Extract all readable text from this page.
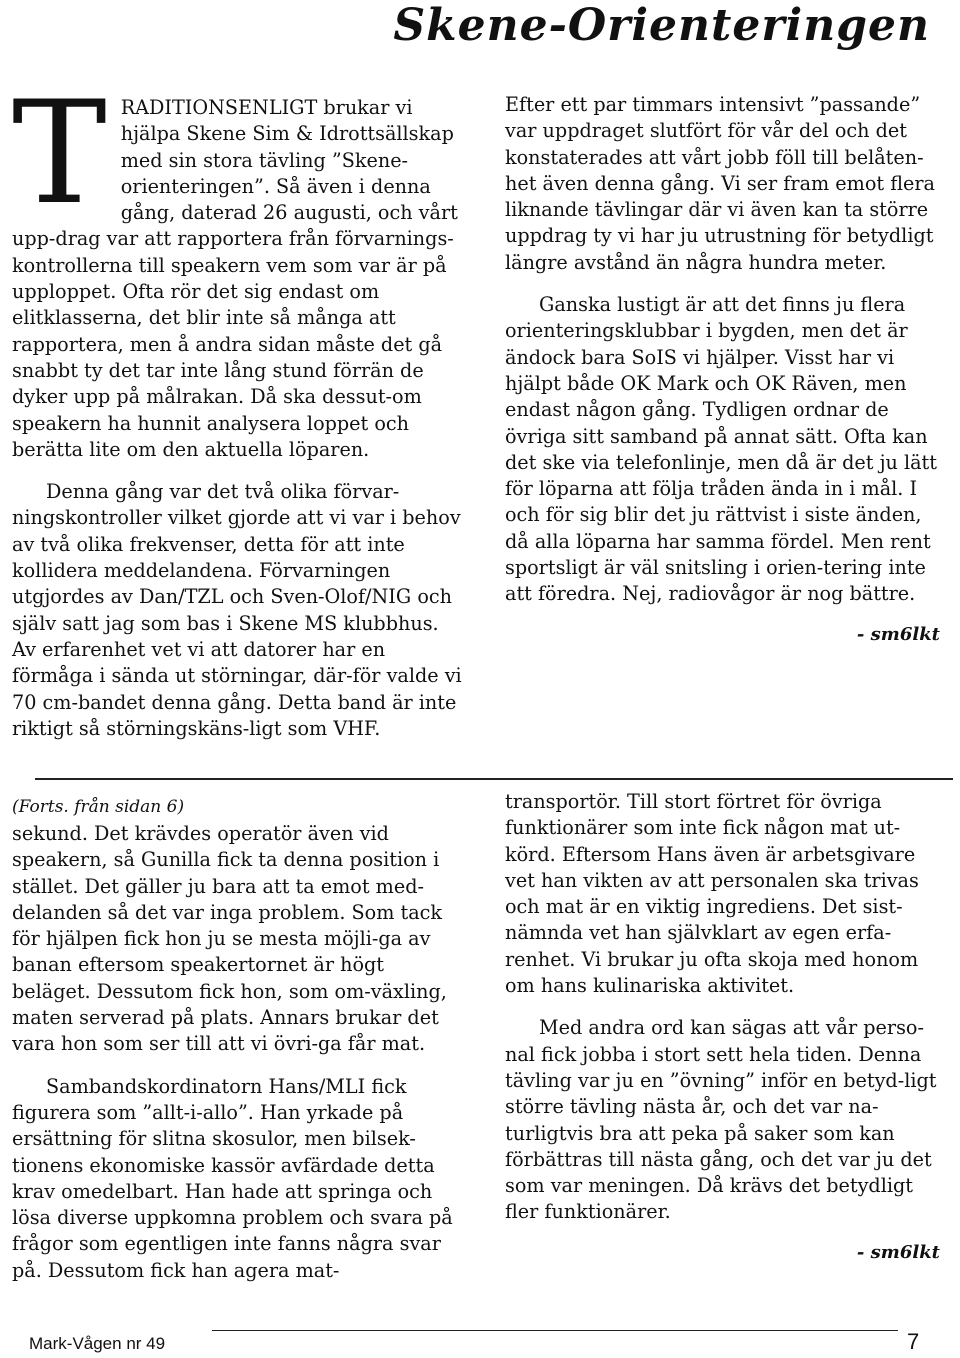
Skene-Orienteringen
T RADITIONSENLIGT brukar vi hjälpa Skene Sim & Idrottsällskap med sin stora tävling ”Skene-orienteringen”. Så även i denna gång, daterad 26 augusti, och vårt upp-drag var att rapportera från förvarnings-kontrollerna till speakern vem som var är på upploppet. Ofta rör det sig endast om elitklasserna, det blir inte så många att rapportera, men å andra sidan måste det gå snabbt ty det tar inte lång stund förrän de dyker upp på målrakan. Då ska dessut-om speakern ha hunnit analysera loppet och berätta lite om den aktuella löparen.

Denna gång var det två olika förvar-ningskontroller vilket gjorde att vi var i behov av två olika frekvenser, detta för att inte kollidera meddelandena. Förvarningen utgjordes av Dan/TZL och Sven-Olof/NIG och själv satt jag som bas i Skene MS klubbhus. Av erfarenhet vet vi att datorer har en förmåga i sända ut störningar, där-för valde vi 70 cm-bandet denna gång. Detta band är inte riktigt så störningskäns-ligt som VHF.

Efter ett par timmars intensivt ”passande” var uppdraget slutfört för vår del och det konstaterades att vårt jobb föll till belåten-het även denna gång. Vi ser fram emot flera liknande tävlingar där vi även kan ta större uppdrag ty vi har ju utrustning för betydligt längre avstånd än några hundra meter.

Ganska lustigt är att det finns ju flera orienteringsklubbar i bygden, men det är ändock bara SoIS vi hjälper. Visst har vi hjälpt både OK Mark och OK Räven, men endast någon gång. Tydligen ordnar de övriga sitt samband på annat sätt. Ofta kan det ske via telefonlinje, men då är det ju lätt för löparna att följa tråden ända in i mål. I och för sig blir det ju rättvist i siste änden, då alla löparna har samma fördel. Men rent sportsligt är väl snitsling i orien-tering inte att föredra. Nej, radiovågor är nog bättre.

- sm6lkt

(Forts. från sidan 6)

sekund. Det krävdes operatör även vid speakern, så Gunilla fick ta denna position i stället. Det gäller ju bara att ta emot med-delanden så det var inga problem. Som tack för hjälpen fick hon ju se mesta möjli-ga av banan eftersom speakertornet är högt beläget. Dessutom fick hon, som om-växling, maten serverad på plats. Annars brukar det vara hon som ser till att vi övri-ga får mat.

Sambandskordinatorn Hans/MLI fick figurera som ”allt-i-allo”. Han yrkade på ersättning för slitna skosulor, men bilsek-tionens ekonomiske kassör avfärdade detta krav omedelbart. Han hade att springa och lösa diverse uppkomna problem och svara på frågor som egentligen inte fanns några svar på. Dessutom fick han agera mat-

transportör. Till stort förtret för övriga funktionärer som inte fick någon mat ut-körd. Eftersom Hans även är arbetsgivare vet han vikten av att personalen ska trivas och mat är en viktig ingrediens. Det sist-nämnda vet han självklart av egen erfa-renhet. Vi brukar ju ofta skoja med honom om hans kulinariska aktivitet.

Med andra ord kan sägas att vår perso-nal fick jobba i stort sett hela tiden. Denna tävling var ju en ”övning” inför en betyd-ligt större tävling nästa år, och det var na-turligtvis bra att peka på saker som kan förbättras till nästa gång, och det var ju det som var meningen. Då krävs det betydligt fler funktionärer.

- sm6lkt

Mark-Vågen nr 49	7
